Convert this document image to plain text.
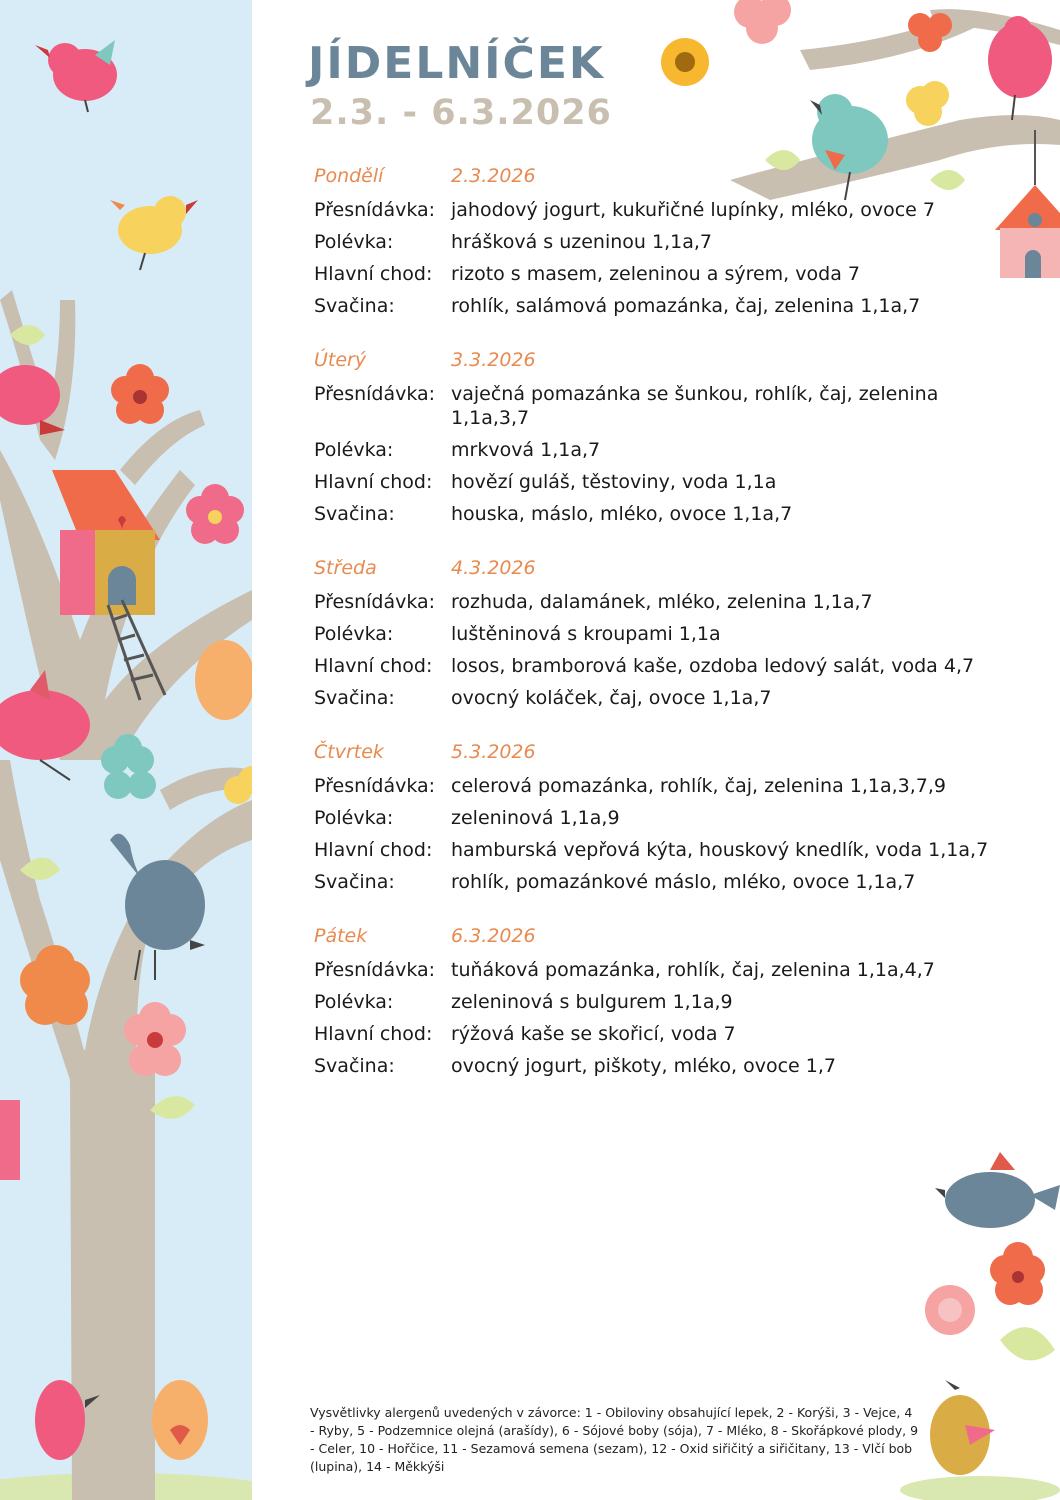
JÍDELNÍČEK
2.3. - 6.3.2026
Pondělí	2.3.2026
Přesnídávka: jahodový jogurt, kukuřičné lupínky, mléko, ovoce 7
Polévka:	hrášková s uzeninou 1,1a,7
Hlavní chod: rizoto s masem, zeleninou a sýrem, voda 7
Svačina:	rohlík, salámová pomazánka, čaj, zelenina 1,1a,7
Úterý	3.3.2026
Přesnídávka: vaječná pomazánka se šunkou, rohlík, čaj, zelenina 1,1a,3,7
Polévka:	mrkvová 1,1a,7
Hlavní chod: hovězí guláš, těstoviny, voda 1,1a
Svačina:	houska, máslo, mléko, ovoce 1,1a,7
Středa	4.3.2026
Přesnídávka: rozhuda, dalamánek, mléko, zelenina 1,1a,7
Polévka:	luštěninová s kroupami 1,1a
Hlavní chod: losos, bramborová kaše, ozdoba ledový salát, voda 4,7
Svačina:	ovocný koláček, čaj, ovoce 1,1a,7
Čtvrtek	5.3.2026
Přesnídávka: celerová pomazánka, rohlík, čaj, zelenina 1,1a,3,7,9
Polévka:	zeleninová 1,1a,9
Hlavní chod: hamburská vepřová kýta, houskový knedlík, voda 1,1a,7
Svačina:	rohlík, pomazánkové máslo, mléko, ovoce 1,1a,7
Pátek	6.3.2026
Přesnídávka: tuňáková pomazánka, rohlík, čaj, zelenina 1,1a,4,7
Polévka:	zeleninová s bulgurem 1,1a,9
Hlavní chod: rýžová kaše se skořicí, voda 7
Svačina:	ovocný jogurt, piškoty, mléko, ovoce 1,7
Vysvětlivky alergenů uvedených v závorce: 1 - Obiloviny obsahující lepek, 2 - Korýši, 3 - Vejce, 4 - Ryby, 5 - Podzemnice olejná (arašídy), 6 - Sójové boby (sója), 7 - Mléko, 8 - Skořápkové plody, 9 - Celer, 10 - Hořčice, 11 - Sezamová semena (sezam), 12 - Oxid siřičitý a siřičitany, 13 - Vlčí bob (lupina), 14 - Měkkýši
